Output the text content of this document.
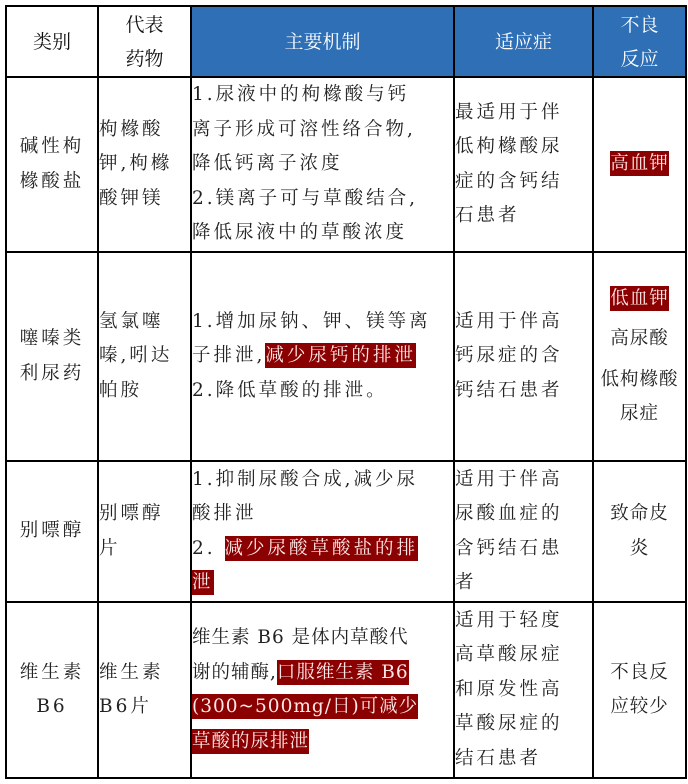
类别	代表
药物	主要机制	适应症	不良
反应

碱性枸
橼酸盐	枸橼酸
钾,枸橼
酸钾镁	1.尿液中的枸橼酸与钙
离子形成可溶性络合物,
降低钙离子浓度
2.镁离子可与草酸结合,
降低尿液中的草酸浓度	最适用于伴
低枸橼酸尿
症的含钙结
石患者	高血钾

噻嗪类
利尿药	氢氯噻
嗪,吲达
帕胺	1.增加尿钠、钾、镁等离
子排泄,减少尿钙的排泄
2.降低草酸的排泄。	适用于伴高
钙尿症的含
钙结石患者	低血钾
高尿酸
低枸橼酸尿症

别嘌醇	别嘌醇
片	1.抑制尿酸合成,减少尿
酸排泄
2. 减少尿酸草酸盐的排
泄	适用于伴高
尿酸血症的
含钙结石患
者	致命皮炎

维生素
B6	维生素
B6片	维生素 B6 是体内草酸代
谢的辅酶,口服维生素 B6
(300~500mg/日)可减少
草酸的尿排泄	适用于轻度
高草酸尿症
和原发性高
草酸尿症的
结石患者	不良反应较少
